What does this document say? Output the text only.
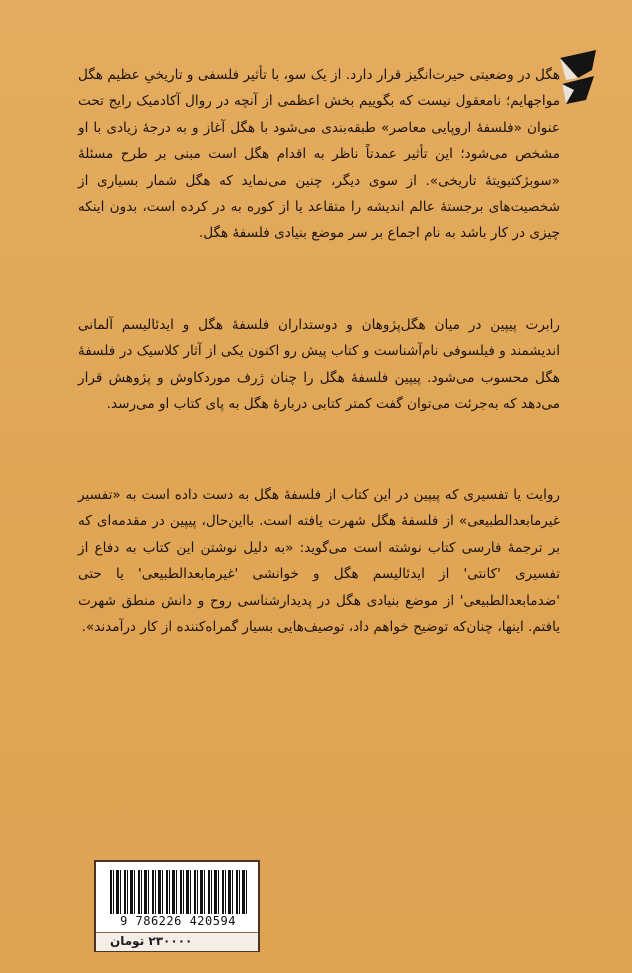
هگل در وضعیتی حیرت‌انگیز قرار دارد. از یک سو، با تأثیر فلسفی و تاریخیِ عظیم هگل مواجهایم؛ نامعقول نیست که بگوییم بخش اعظمی از آنچه در روال آکادمیک رایج تحت عنوان «فلسفهٔ اروپایی معاصر» طبقه‌بندی می‌شود با هگل آغاز و به درجهٔ زیادی با او مشخص می‌شود؛ این تأثیر عمدتاً ناظر به اقدام هگل است مبنی بر طرح مسئلهٔ «سوبژکتیویتهٔ تاریخی». از سوی دیگر، چنین می‌نماید که هگل شمار بسیاری از شخصیت‌های برجستهٔ عالم اندیشه را متقاعد یا از کوره به در کرده است، بدون اینکه چیزی در کار باشد به نام اجماع بر سر موضع بنیادی فلسفهٔ هگل.

رابرت پیپین در میان هگل‌پژوهان و دوستداران فلسفهٔ هگل و ایدئالیسم آلمانی اندیشمند و فیلسوفی نام‌آشناست و کتاب پیش رو اکنون یکی از آثار کلاسیک در فلسفهٔ هگل محسوب می‌شود. پیپین فلسفهٔ هگل را چنان ژرف موردکاوش و پژوهش قرار می‌دهد که به‌جرئت می‌توان گفت کمتر کتابی دربارهٔ هگل به پای کتاب او می‌رسد.

روایت یا تفسیری که پیپین در این کتاب از فلسفهٔ هگل به دست داده است به «تفسیر غیرمابعدالطبیعی» از فلسفهٔ هگل شهرت یافته است. بااین‌حال، پیپین در مقدمه‌ای که بر ترجمهٔ فارسی کتاب نوشته است می‌گوید: «به دلیل نوشتن این کتاب به دفاع از تفسیری 'کانتی' از ایدئالیسم هگل و خوانشی 'غیرمابعدالطبیعی' یا حتی 'ضدمابعدالطبیعی' از موضع بنیادی هگل در پدیدارشناسی روح و دانش منطق شهرت یافتم. اینها، چنان‌که توضیح خواهم داد، توصیف‌هایی بسیار گمراه‌کننده از کار درآمدند».

9 786226 420594
۲۳۰۰۰۰ تومان
